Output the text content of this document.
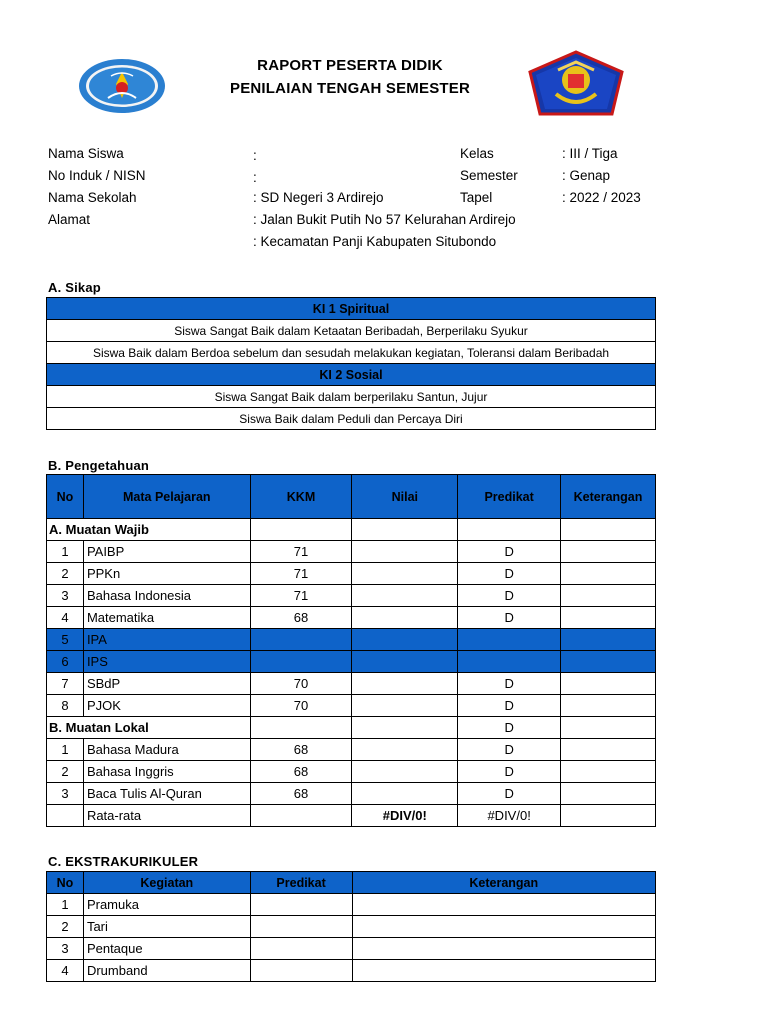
RAPORT PESERTA DIDIK
PENILAIAN TENGAH SEMESTER
Nama Siswa	:
No Induk / NISN	:
Nama Sekolah	: SD Negeri 3 Ardirejo
Alamat	: Jalan Bukit Putih No 57 Kelurahan Ardirejo
: Kecamatan Panji Kabupaten Situbondo
Kelas	: III / Tiga
Semester	: Genap
Tapel	: 2022 / 2023
A. Sikap
KI 1 Spiritual
Siswa Sangat Baik dalam Ketaatan Beribadah, Berperilaku Syukur
Siswa Baik dalam Berdoa sebelum dan sesudah melakukan kegiatan, Toleransi dalam Beribadah
KI 2 Sosial
Siswa Sangat Baik dalam berperilaku Santun, Jujur
Siswa Baik dalam Peduli dan Percaya Diri
B. Pengetahuan
No	Mata Pelajaran	KKM	Nilai	Predikat	Keterangan
A. Muatan Wajib					
1	PAIBP	71		D	
2	PPKn	71		D	
3	Bahasa Indonesia	71		D	
4	Matematika	68		D	
5	IPA				
6	IPS				
7	SBdP	70		D	
8	PJOK	70		D	
B. Muatan Lokal				D	
1	Bahasa Madura	68		D	
2	Bahasa Inggris	68		D	
3	Baca Tulis Al-Quran	68		D	
	Rata-rata		#DIV/0!	#DIV/0!	
C. EKSTRAKURIKULER
No	Kegiatan	Predikat	Keterangan
1	Pramuka		
2	Tari		
3	Pentaque		
4	Drumband		
